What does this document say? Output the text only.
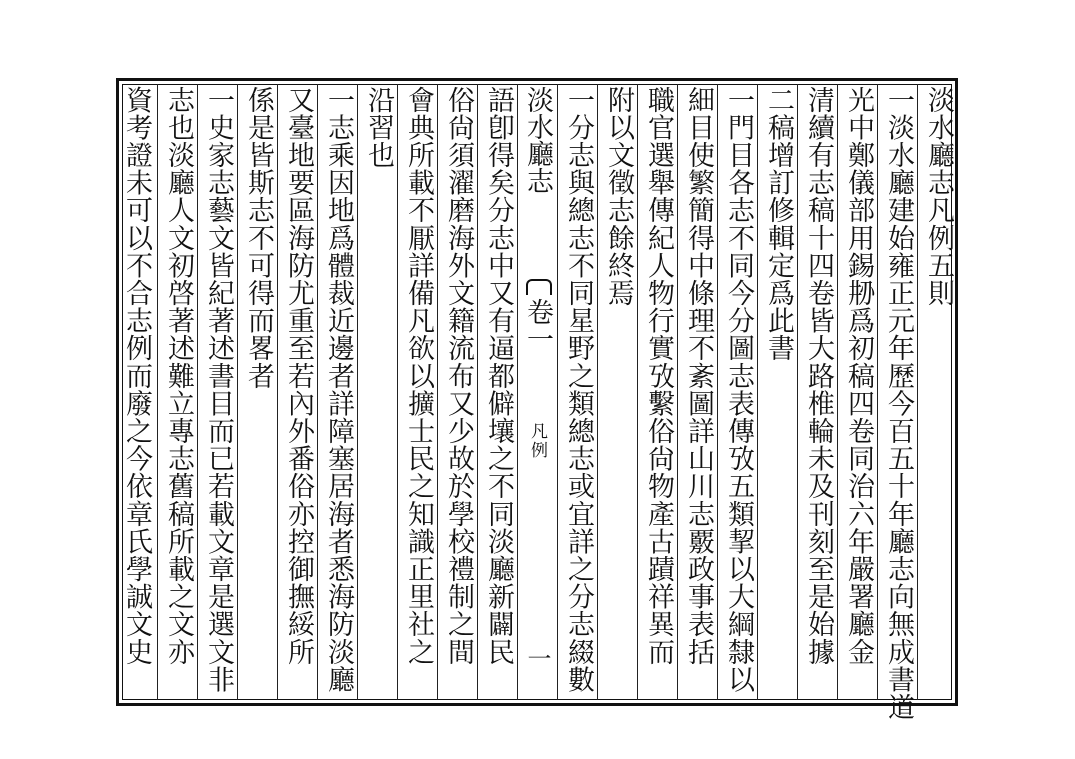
淡水廳志凡例五則
一淡水廳建始雍正元年歷今百五十年廳志向無成書道
光中鄭儀部用錫刱爲初稿四卷同治六年嚴署廳金
清續有志稿十四卷皆大路椎輪未及刊刻至是始據
二稿增訂修輯定爲此書
一門目各志不同今分圖志表傳攷五類挈以大綱隸以
細目使繁簡得中條理不紊圖詳山川志覈政事表括
職官選舉傳紀人物行實攷繫俗尙物產古蹟祥異而
附以文徵志餘終焉
一分志與總志不同星野之類總志或宜詳之分志綴數
淡水廳志
卷一
凡例
一
語卽得矣分志中又有逼都僻壤之不同淡廳新闢民
俗尙須濯磨海外文籍流布又少故於學校禮制之間
會典所載不厭詳備凡欲以擴士民之知識正里社之
沿習也
一志乘因地爲體裁近邊者詳障塞居海者悉海防淡廳
又臺地要區海防尤重至若內外番俗亦控御撫綏所
係是皆斯志不可得而畧者
一史家志藝文皆紀著述書目而已若載文章是選文非
志也淡廳人文初啓著述難立專志舊稿所載之文亦
資考證未可以不合志例而廢之今依章氏學誠文史
